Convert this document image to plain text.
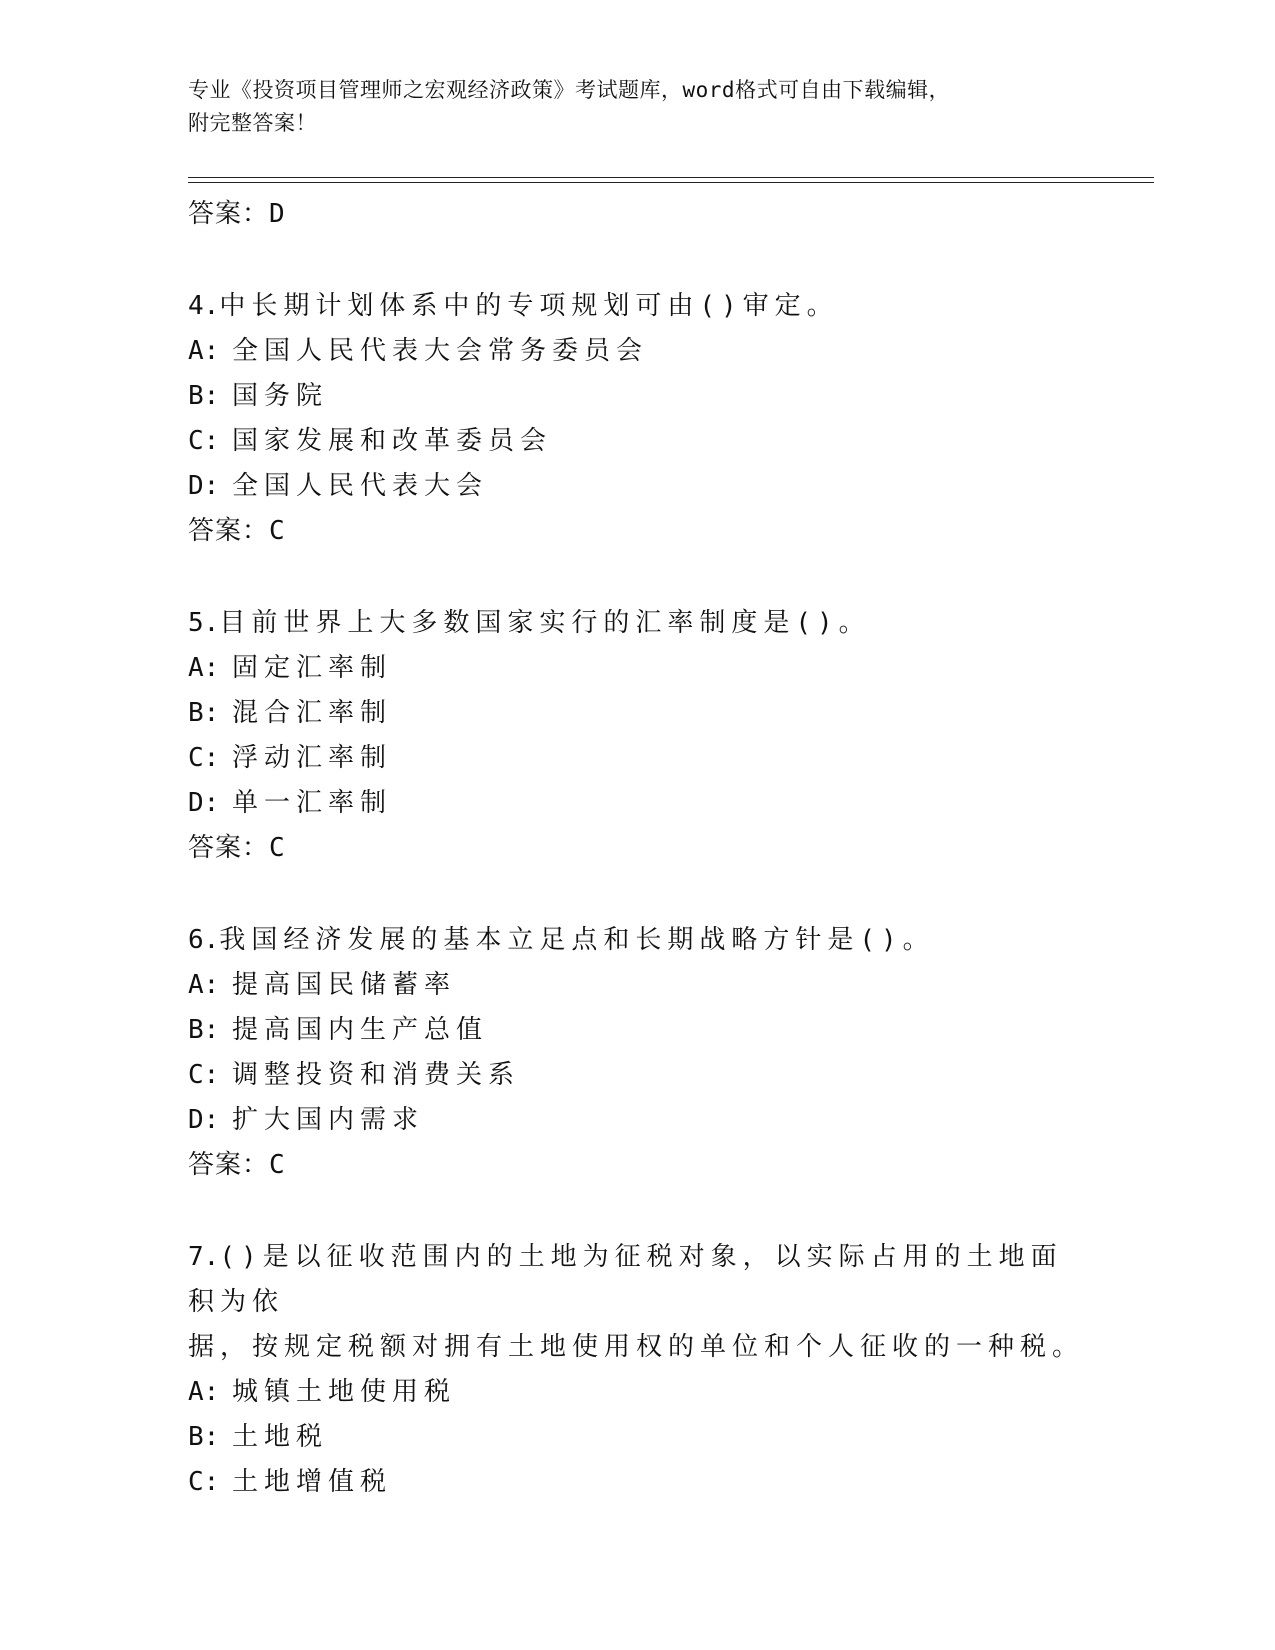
专业《投资项目管理师之宏观经济政策》考试题库，word格式可自由下载编辑，
附完整答案！
答案：D
4.中长期计划体系中的专项规划可由()审定。
A: 全国人民代表大会常务委员会
B: 国务院
C: 国家发展和改革委员会
D: 全国人民代表大会
答案：C
5.目前世界上大多数国家实行的汇率制度是()。
A: 固定汇率制
B: 混合汇率制
C: 浮动汇率制
D: 单一汇率制
答案：C
6.我国经济发展的基本立足点和长期战略方针是()。
A: 提高国民储蓄率
B: 提高国内生产总值
C: 调整投资和消费关系
D: 扩大国内需求
答案：C
7.()是以征收范围内的土地为征税对象，以实际占用的土地面积为依
据，按规定税额对拥有土地使用权的单位和个人征收的一种税。
A: 城镇土地使用税
B: 土地税
C: 土地增值税
